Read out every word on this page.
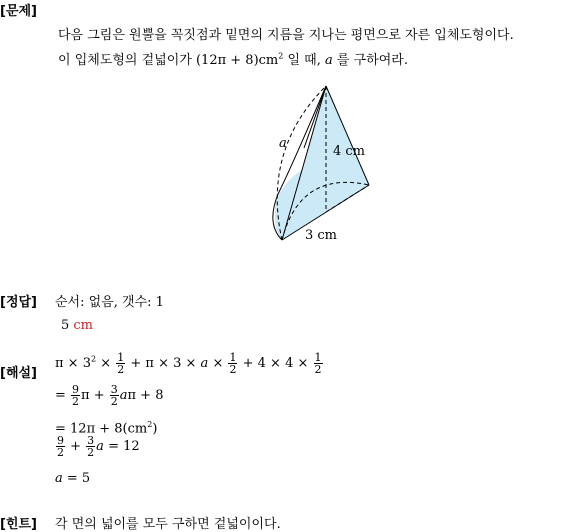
[문제]
다음 그림은 원뿔을 꼭짓점과 밑면의 지름을 지나는 평면으로 자른 입체도형이다.
이 입체도형의 겉넓이가 $(12\pi + 8)cm^2$ 일 때, a 를 구하여라.
a
4 cm
3 cm
[정답] 순서: 없음, 갯수: 1
5 cm
[해설]
$\pi \times 3^2 \times \frac{1}{2} + \pi \times 3 \times a \times \frac{1}{2} + 4 \times 4 \times \frac{1}{2}$
= $\frac{9}{2}$ $\pi + \frac{3}{2}$ aπ + 8
= $12\pi + 8(cm^2)$
$\frac{9}{2} + \frac{3}{2}$ a = 12
a = 5
[힌트] 각 면의 넓이를 모두 구하면 겉넓이이다.
